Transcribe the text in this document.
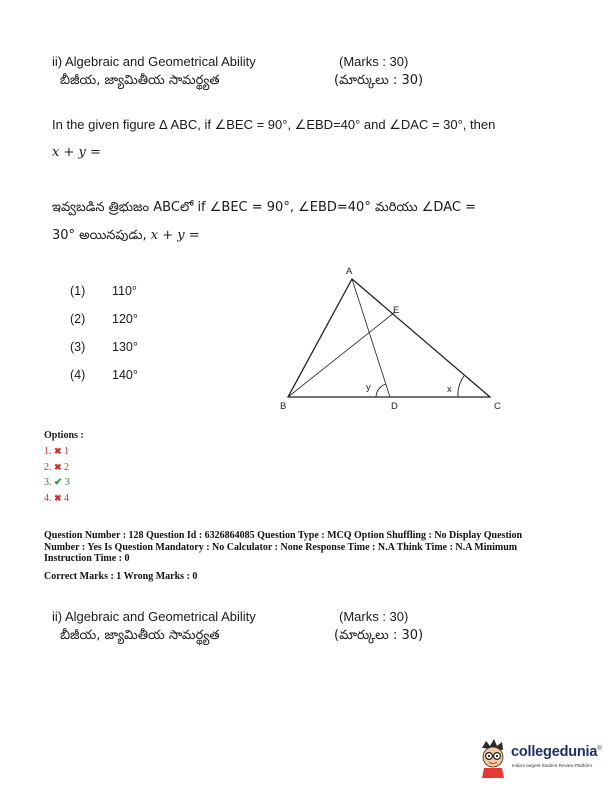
ii) Algebraic and Geometrical Ability	(Marks : 30)
బీజీయ, జ్యామితీయ సామర్థ్యత	(మార్కులు : 30)
In the given figure Δ ABC, if ∠BEC = 90°, ∠EBD=40° and ∠DAC = 30°, then
x + y =
ఇవ్వబడిన త్రిభుజం ABCలో if ∠BEC = 90°, ∠EBD=40° మరియు ∠DAC =
30° అయినపుడు, x + y =
(1) 110°
(2) 120°
(3) 130°
(4) 140°
A
B	C
D
E
y	x
Options :
1. ✖ 1
2. ✖ 2
3. ✔ 3
4. ✖ 4
Question Number : 128 Question Id : 6326864085 Question Type : MCQ Option Shuffling : No Display Question
Number : Yes Is Question Mandatory : No Calculator : None Response Time : N.A Think Time : N.A Minimum
Instruction Time : 0
Correct Marks : 1 Wrong Marks : 0
ii) Algebraic and Geometrical Ability	(Marks : 30)
బీజీయ, జ్యామితీయ సామర్థ్యత	(మార్కులు : 30)
collegedunia®
India's largest Student Review Platform
